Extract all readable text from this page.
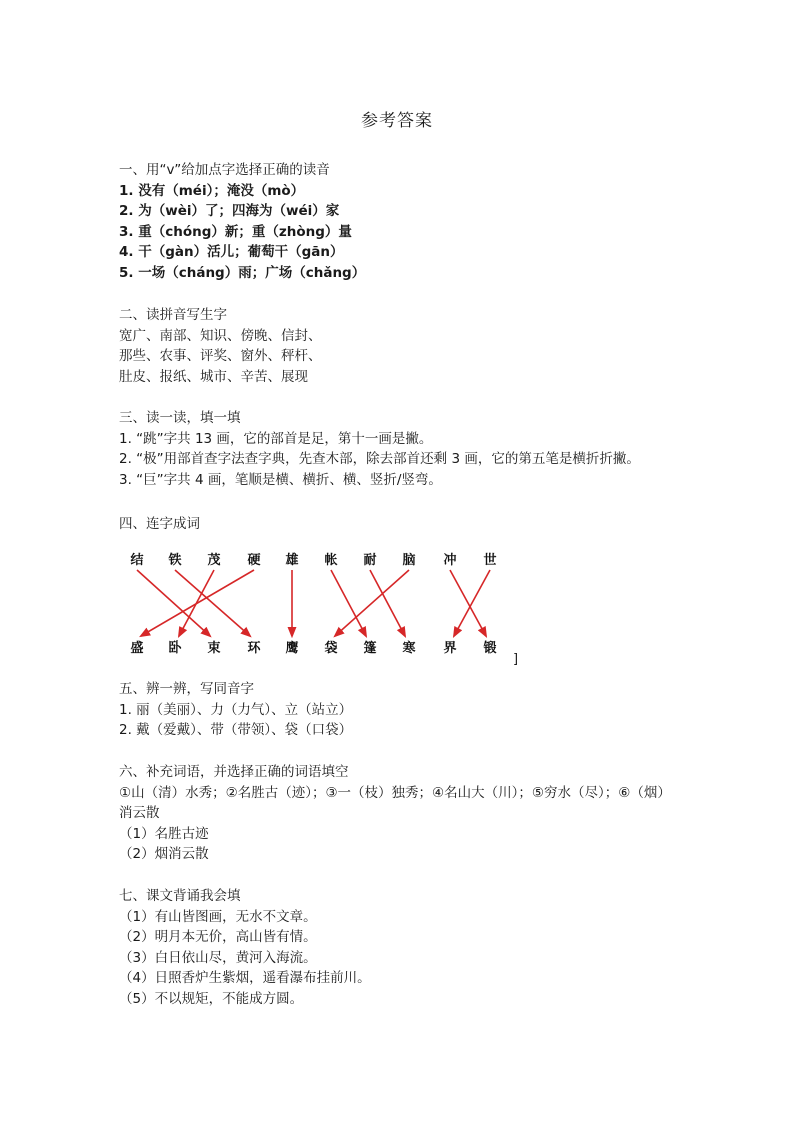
参考答案
一、用“v”给加点字选择正确的读音
1. 没有（méi）；淹没（mò）
2. 为（wèi）了；四海为（wéi）家
3. 重（chóng）新；重（zhòng）量
4. 干（gàn）活儿；葡萄干（gān）
5. 一场（cháng）雨；广场（chǎng）
二、读拼音写生字
宽广、南部、知识、傍晚、信封、
那些、农事、评奖、窗外、秤杆、
肚皮、报纸、城市、辛苦、展现
三、读一读，填一填
1. “跳”字共 13 画，它的部首是足，第十一画是撇。
2. “极”用部首查字法查字典，先查木部，除去部首还剩 3 画，它的第五笔是横折折撇。
3. “巨”字共 4 画，笔顺是横、横折、横、竖折/竖弯。
四、连字成词
结 铁 茂 硬 雄 帐 耐 脑 冲 世
盛 卧 束 环 鹰 袋 篷 寒 界 锻
]
五、辨一辨，写同音字
1. 丽（美丽）、力（力气）、立（站立）
2. 戴（爱戴）、带（带领）、袋（口袋）
六、补充词语，并选择正确的词语填空
①山（清）水秀；②名胜古（迹）；③一（枝）独秀；④名山大（川）；⑤穷水（尽）；⑥（烟）消云散
（1）名胜古迹
（2）烟消云散
七、课文背诵我会填
（1）有山皆图画，无水不文章。
（2）明月本无价，高山皆有情。
（3）白日依山尽，黄河入海流。
（4）日照香炉生紫烟，遥看瀑布挂前川。
（5）不以规矩，不能成方圆。
